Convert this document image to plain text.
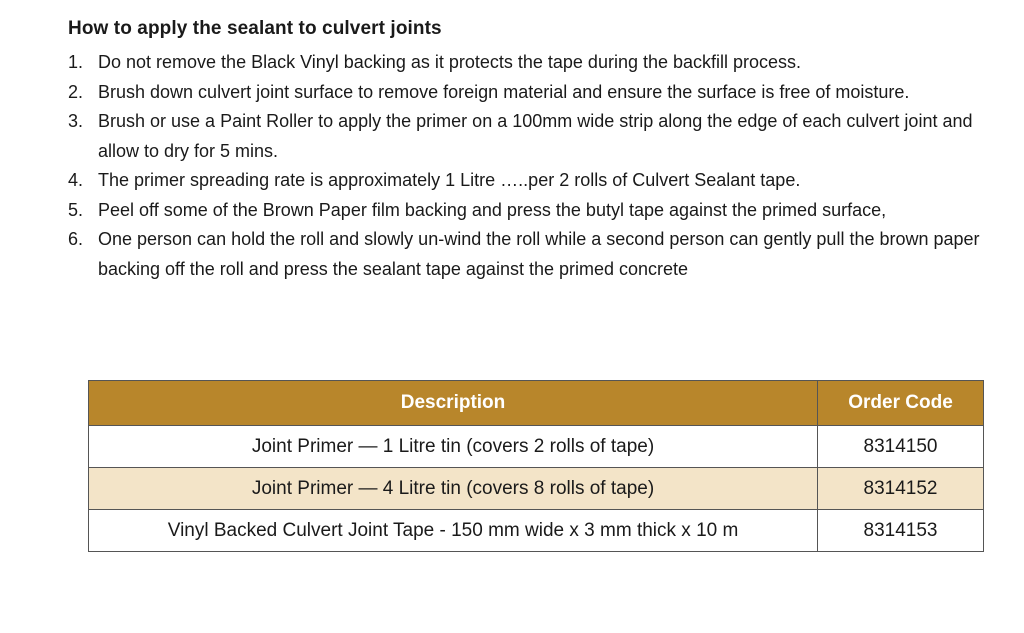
How to apply the sealant to culvert joints
1. Do not remove the Black Vinyl backing as it protects the tape during the backfill process.
2. Brush down culvert joint surface to remove foreign material and ensure the surface is free of moisture.
3. Brush or use a Paint Roller to apply the primer on a 100mm wide strip along the edge of each culvert joint and allow to dry for 5 mins.
4. The primer spreading rate is approximately 1 Litre …..per 2 rolls of Culvert Sealant tape.
5. Peel off some of the Brown Paper film backing and press the butyl tape against the primed surface,
6. One person can hold the roll and slowly un-wind the roll while a second person can gently pull the brown paper backing off the roll and press the sealant tape against the primed concrete
Description	Order Code
Joint Primer — 1 Litre tin (covers 2 rolls of tape)	8314150
Joint Primer — 4 Litre tin (covers 8 rolls of tape)	8314152
Vinyl Backed Culvert Joint Tape - 150 mm wide x 3 mm thick x 10 m	8314153
